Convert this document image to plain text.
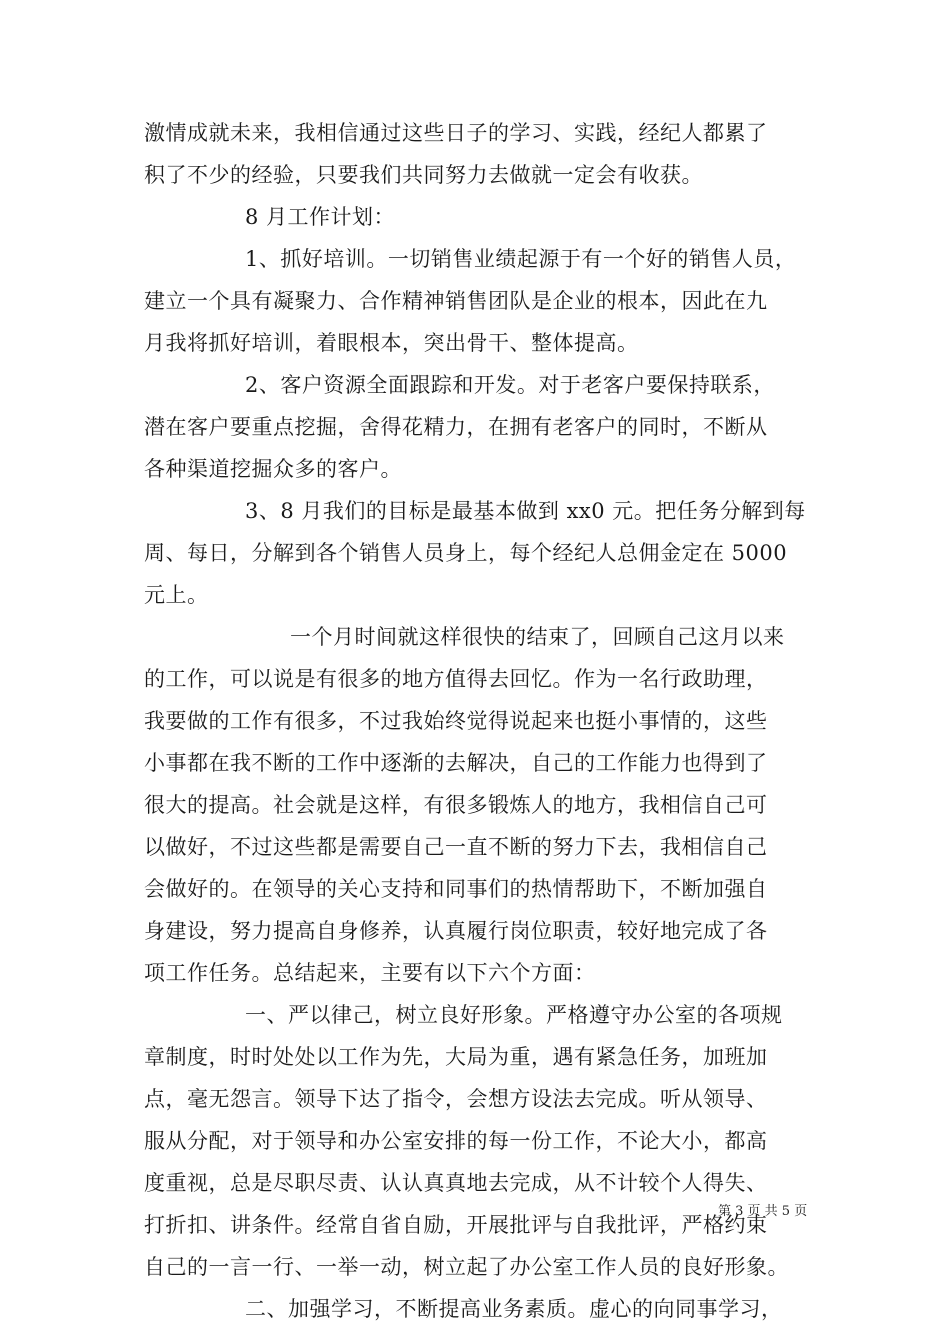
激情成就未来，我相信通过这些日子的学习、实践，经纪人都累了
积了不少的经验，只要我们共同努力去做就一定会有收获。
8 月工作计划：
1、抓好培训。一切销售业绩起源于有一个好的销售人员，
建立一个具有凝聚力、合作精神销售团队是企业的根本，因此在九
月我将抓好培训，着眼根本，突出骨干、整体提高。
2、客户资源全面跟踪和开发。对于老客户要保持联系，
潜在客户要重点挖掘，舍得花精力，在拥有老客户的同时，不断从
各种渠道挖掘众多的客户。
3、8 月我们的目标是最基本做到 xx0 元。把任务分解到每
周、每日，分解到各个销售人员身上，每个经纪人总佣金定在 5000
元上。
一个月时间就这样很快的结束了，回顾自己这月以来
的工作，可以说是有很多的地方值得去回忆。作为一名行政助理，
我要做的工作有很多，不过我始终觉得说起来也挺小事情的，这些
小事都在我不断的工作中逐渐的去解决，自己的工作能力也得到了
很大的提高。社会就是这样，有很多锻炼人的地方，我相信自己可
以做好，不过这些都是需要自己一直不断的努力下去，我相信自己
会做好的。在领导的关心支持和同事们的热情帮助下，不断加强自
身建设，努力提高自身修养，认真履行岗位职责，较好地完成了各
项工作任务。总结起来，主要有以下六个方面：
一、严以律己，树立良好形象。严格遵守办公室的各项规
章制度，时时处处以工作为先，大局为重，遇有紧急任务，加班加
点，毫无怨言。领导下达了指令，会想方设法去完成。听从领导、
服从分配，对于领导和办公室安排的每一份工作，不论大小，都高
度重视，总是尽职尽责、认认真真地去完成，从不计较个人得失、
打折扣、讲条件。经常自省自励，开展批评与自我批评，严格约束
自己的一言一行、一举一动，树立起了办公室工作人员的良好形象。
二、加强学习，不断提高业务素质。虚心的向同事学习，
第 3 页 共 5 页
